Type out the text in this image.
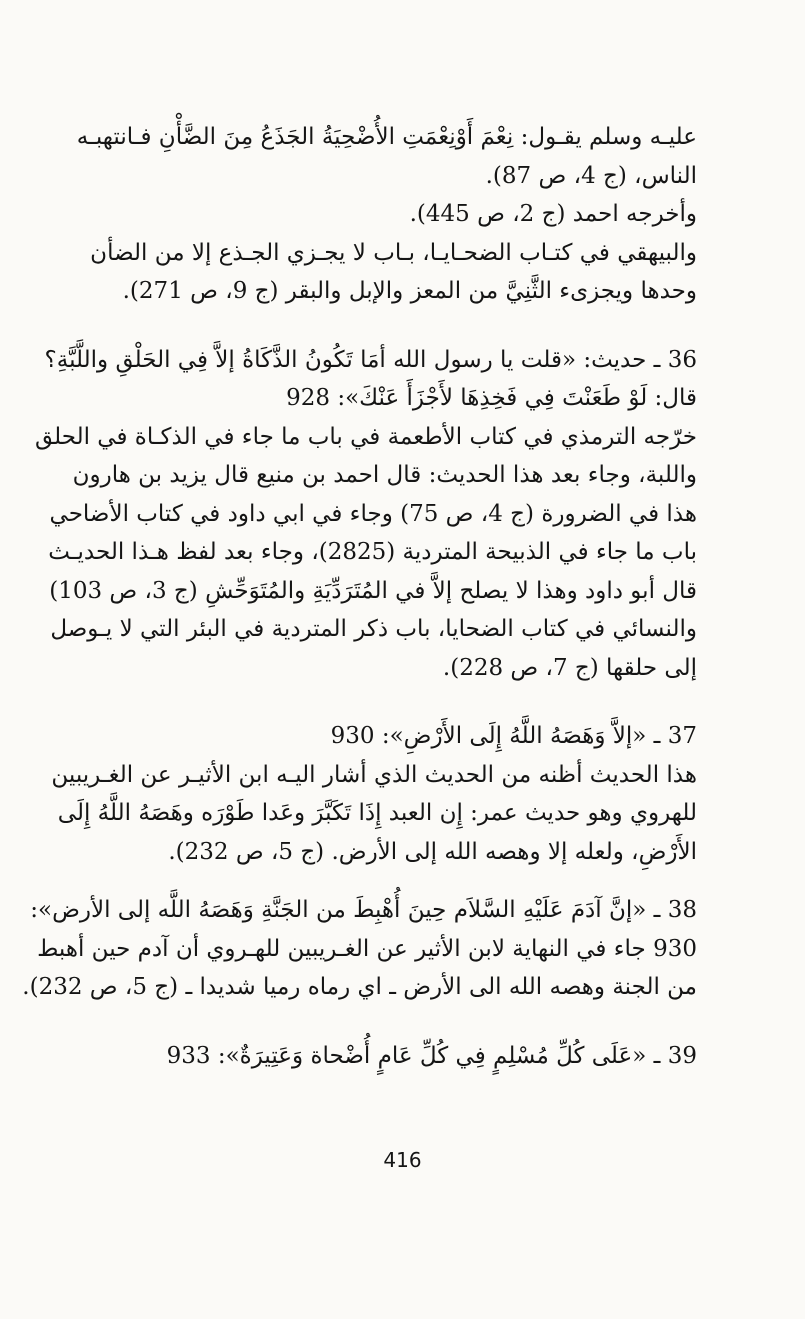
عليـه وسلم يقـول: نِعْمَ أَوْنِعْمَتِ الأُضْحِيَةُ الجَذَعُ مِنَ الضَّأْنِ فـانتهبـه
الناس، (ج 4، ص 87).
وأخرجه احمد (ج 2، ص 445).
والبيهقي في كتـاب الضحـايـا، بـاب لا يجـزي الجـذع إلا من الضأن
وحدها ويجزىء الثَّنِيَّ من المعز والإبل والبقر (ج 9، ص 271).
36 ـ حديث: «قلت يا رسول الله أمَا تَكُونُ الذَّكَاةُ إلاَّ فِي الحَلْقِ واللَّبَّةِ؟
قال: لَوْ طَعَنْتَ فِي فَخِذِهَا لأَجْزَأَ عَنْكَ»: 928
خرّجه الترمذي في كتاب الأطعمة في باب ما جاء في الذكـاة في الحلق
واللبة، وجاء بعد هذا الحديث: قال احمد بن منيع قال يزيد بن هارون
هذا في الضرورة (ج 4، ص 75) وجاء في ابي داود في كتاب الأضاحي
باب ما جاء في الذبيحة المتردية (2825)، وجاء بعد لفظ هـذا الحديـث
قال أبو داود وهذا لا يصلح إلاَّ في المُتَرَدِّيَةِ والمُتَوَحِّشِ (ج 3، ص 103)
والنسائي في كتاب الضحايا، باب ذكر المتردية في البئر التي لا يـوصل
إلى حلقها (ج 7، ص 228).
37 ـ «إلاَّ وَهَصَهُ اللَّهُ إِلَى الأَرْضِ»: 930
هذا الحديث أظنه من الحديث الذي أشار اليـه ابن الأثيـر عن الغـريبين
للهروي وهو حديث عمر: إِن العبد إِذَا تَكَبَّرَ وعَدا طَوْرَه وهَصَهُ اللَّهُ إِلَى
الأَرْضِ، ولعله إلا وهصه الله إلى الأرض. (ج 5، ص 232).
38 ـ «إنَّ آدَمَ عَلَيْهِ السَّلاَم حِينَ أُهْبِطَ من الجَنَّةِ وَهَصَهُ اللَّه إلى الأرض»:
930 جاء في النهاية لابن الأثير عن الغـريبين للهـروي أن آدم حين أهبط
من الجنة وهصه الله الى الأرض ـ اي رماه رميا شديدا ـ (ج 5، ص 232).
39 ـ «عَلَى كُلِّ مُسْلِمٍ فِي كُلِّ عَامٍ أُضْحاة وَعَتِيرَةٌ»: 933
416
